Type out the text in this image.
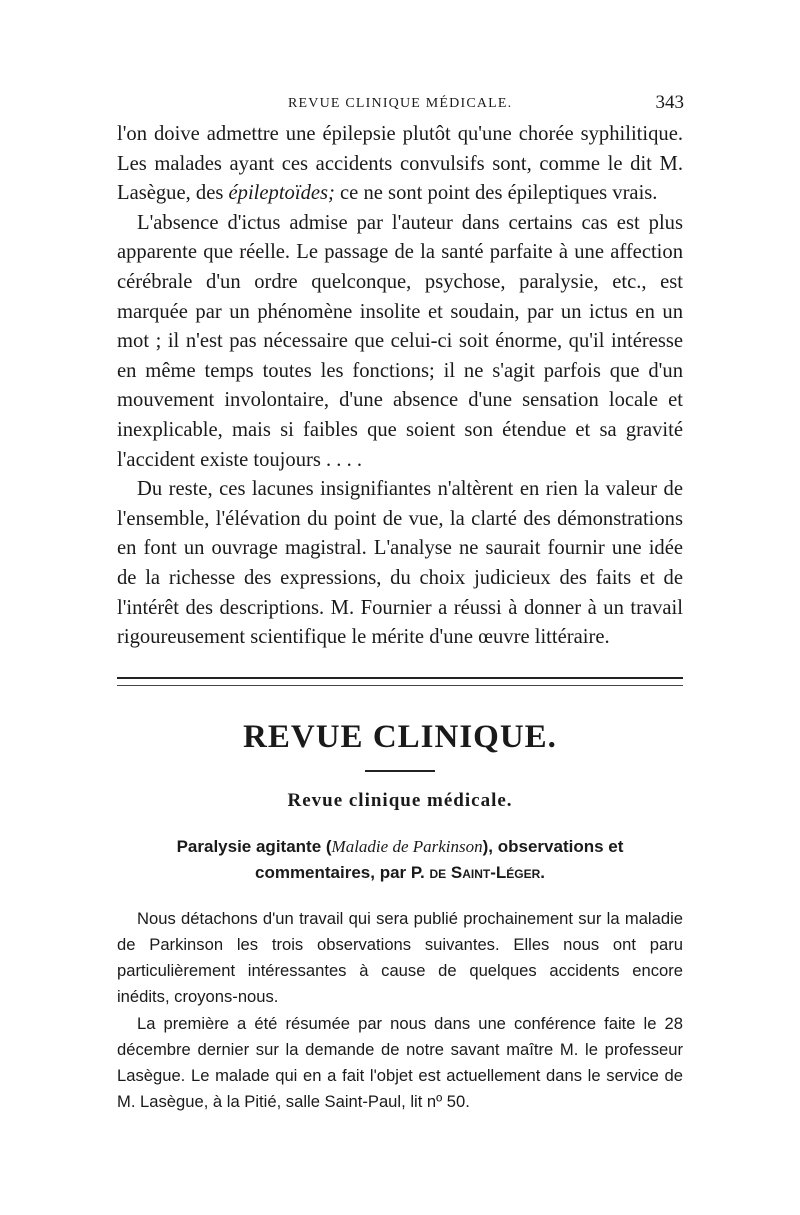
REVUE CLINIQUE MÉDICALE.	343

l'on doive admettre une épilepsie plutôt qu'une chorée syphilitique. Les malades ayant ces accidents convulsifs sont, comme le dit M. Lasègue, des épileptoïdes; ce ne sont point des épileptiques vrais.

L'absence d'ictus admise par l'auteur dans certains cas est plus apparente que réelle. Le passage de la santé parfaite à une affection cérébrale d'un ordre quelconque, psychose, paralysie, etc., est marquée par un phénomène insolite et soudain, par un ictus en un mot ; il n'est pas nécessaire que celui-ci soit énorme, qu'il intéresse en même temps toutes les fonctions; il ne s'agit parfois que d'un mouvement involontaire, d'une absence d'une sensation locale et inexplicable, mais si faibles que soient son étendue et sa gravité l'accident existe toujours . . . .

Du reste, ces lacunes insignifiantes n'altèrent en rien la valeur de l'ensemble, l'élévation du point de vue, la clarté des démonstrations en font un ouvrage magistral. L'analyse ne saurait fournir une idée de la richesse des expressions, du choix judicieux des faits et de l'intérêt des descriptions. M. Fournier a réussi à donner à un travail rigoureusement scientifique le mérite d'une œuvre littéraire.

REVUE CLINIQUE.
Revue clinique médicale.
Paralysie agitante (Maladie de Parkinson), observations et commentaires, par P. de Saint-Léger.

Nous détachons d'un travail qui sera publié prochainement sur la maladie de Parkinson les trois observations suivantes. Elles nous ont paru particulièrement intéressantes à cause de quelques accidents encore inédits, croyons-nous.

La première a été résumée par nous dans une conférence faite le 28 décembre dernier sur la demande de notre savant maître M. le professeur Lasègue. Le malade qui en a fait l'objet est actuellement dans le service de M. Lasègue, à la Pitié, salle Saint-Paul, lit nº 50.
